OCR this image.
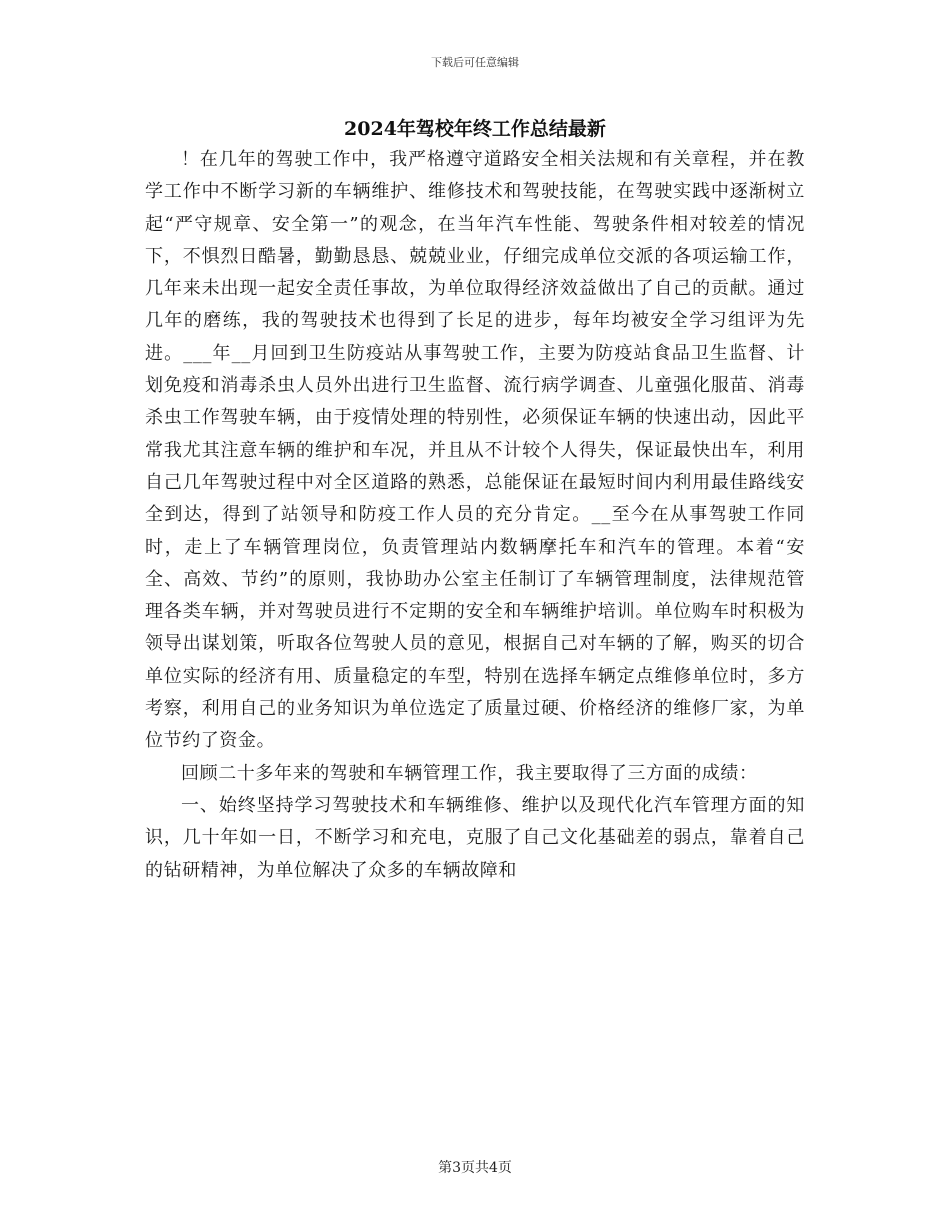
下载后可任意编辑
2024年驾校年终工作总结最新

！在几年的驾驶工作中，我严格遵守道路安全相关法规和有关章程，并在教学工作中不断学习新的车辆维护、维修技术和驾驶技能，在驾驶实践中逐渐树立起“严守规章、安全第一”的观念，在当年汽车性能、驾驶条件相对较差的情况下，不惧烈日酷暑，勤勤恳恳、兢兢业业，仔细完成单位交派的各项运输工作，几年来未出现一起安全责任事故，为单位取得经济效益做出了自己的贡献。通过几年的磨练，我的驾驶技术也得到了长足的进步，每年均被安全学习组评为先进。___年__月回到卫生防疫站从事驾驶工作，主要为防疫站食品卫生监督、计划免疫和消毒杀虫人员外出进行卫生监督、流行病学调查、儿童强化服苗、消毒杀虫工作驾驶车辆，由于疫情处理的特别性，必须保证车辆的快速出动，因此平常我尤其注意车辆的维护和车况，并且从不计较个人得失，保证最快出车，利用自己几年驾驶过程中对全区道路的熟悉，总能保证在最短时间内利用最佳路线安全到达，得到了站领导和防疫工作人员的充分肯定。__至今在从事驾驶工作同时，走上了车辆管理岗位，负责管理站内数辆摩托车和汽车的管理。本着“安全、高效、节约”的原则，我协助办公室主任制订了车辆管理制度，法律规范管理各类车辆，并对驾驶员进行不定期的安全和车辆维护培训。单位购车时积极为领导出谋划策，听取各位驾驶人员的意见，根据自己对车辆的了解，购买的切合单位实际的经济有用、质量稳定的车型，特别在选择车辆定点维修单位时，多方考察，利用自己的业务知识为单位选定了质量过硬、价格经济的维修厂家，为单位节约了资金。

回顾二十多年来的驾驶和车辆管理工作，我主要取得了三方面的成绩：

一、始终坚持学习驾驶技术和车辆维修、维护以及现代化汽车管理方面的知识，几十年如一日，不断学习和充电，克服了自己文化基础差的弱点，靠着自己的钻研精神，为单位解决了众多的车辆故障和

第3页共4页
